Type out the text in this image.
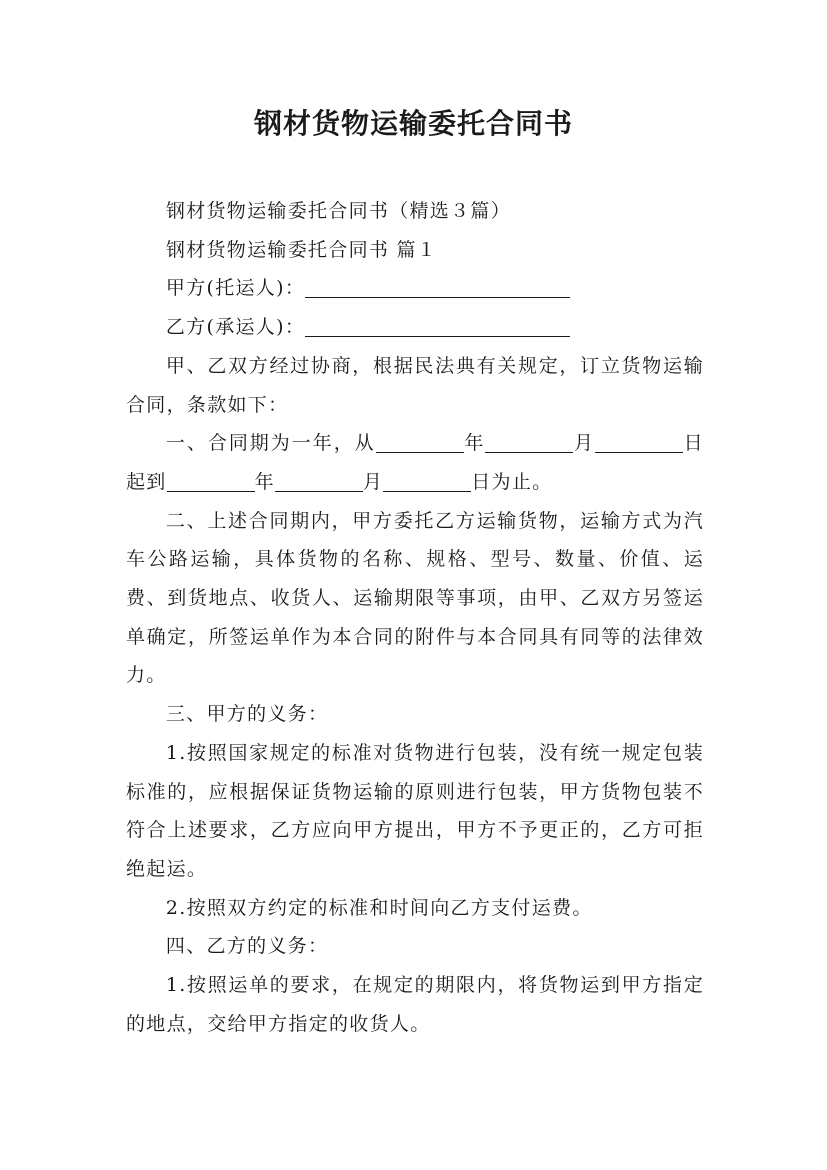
钢材货物运输委托合同书

钢材货物运输委托合同书（精选３篇）

钢材货物运输委托合同书 篇１

甲方(托运人)：

乙方(承运人)：

甲、乙双方经过协商，根据民法典有关规定，订立货物运输合同，条款如下：

一、合同期为一年，从	年	月	日起到	年	月	日为止。

二、上述合同期内，甲方委托乙方运输货物，运输方式为汽车公路运输，具体货物的名称、规格、型号、数量、价值、运费、到货地点、收货人、运输期限等事项，由甲、乙双方另签运单确定，所签运单作为本合同的附件与本合同具有同等的法律效力。

三、甲方的义务：

1.按照国家规定的标准对货物进行包装，没有统一规定包装标准的，应根据保证货物运输的原则进行包装，甲方货物包装不符合上述要求，乙方应向甲方提出，甲方不予更正的，乙方可拒绝起运。

2.按照双方约定的标准和时间向乙方支付运费。

四、乙方的义务：

1.按照运单的要求，在规定的期限内，将货物运到甲方指定的地点，交给甲方指定的收货人。
